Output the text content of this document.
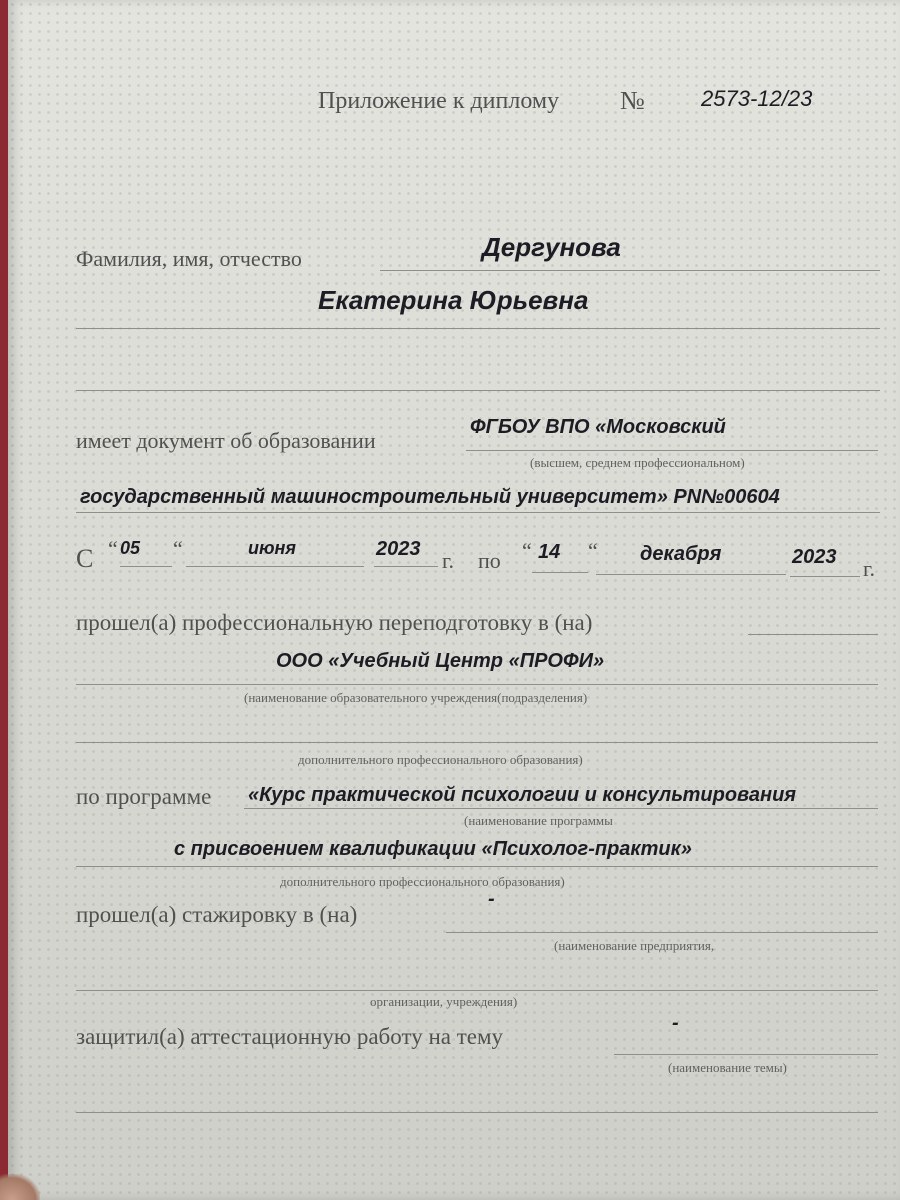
Приложение к диплому №	2573-12/23
Фамилия, имя, отчество	Дергунова
Екатерина Юрьевна
имеет документ об образовании
ФГБОУ ВПО «Московский
(высшем, среднем профессиональном)
государственный машиностроительный университет» PN№00604
С “ 05 “	июня	2023 г. по “ 14 “ декабря	2023 г.
прошел(а) профессиональную переподготовку в (на)
ООО «Учебный Центр «ПРОФИ»
(наименование образовательного учреждения(подразделения)
дополнительного профессионального образования)
по программе «Курс практической психологии и консультирования
(наименование программы
с присвоением квалификации «Психолог-практик»
дополнительного профессионального образования)
прошел(а) стажировку в (на)
-
(наименование предприятия,
организации, учреждения)
защитил(а) аттестационную работу на тему
-
(наименование темы)
